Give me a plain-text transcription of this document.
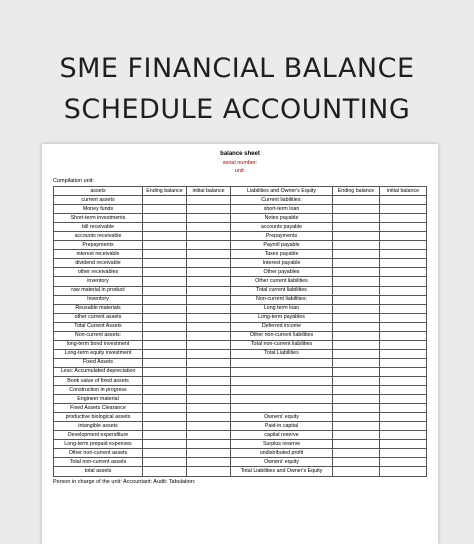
SME FINANCIAL BALANCE
SCHEDULE ACCOUNTING
balance sheet
serial number:
unit:
Compilation unit:
assets	Ending balance	initial balance	Liabilities and Owner's Equity	Ending balance	initial balance
current assets			Current liabilities:		
Money funds			short-term loan		
Short-term investments			Notes payable		
bill receivable			accounts payable		
accounts receivable			Prepayments		
Prepayments			Payroll payable		
interest receivable			Taxes payable		
dividend receivable			Interest payable		
other receivables			Other payables		
inventory			Other current liabilities		
raw material in product			Total current liabilities		
Inventory			Non-current liabilities:		
Reusable materials			Long term loan		
other current assets			Long-term payables		
Total Current Assets			Deferred income		
Non-current assets:			Other non-current liabilities		
long-term bond investment			Total non-current liabilities		
Long-term equity investment			Total Liabilities		
Fixed Assets					
Less: Accumulated depreciation					
Book value of fixed assets					
Construction in progress					
Engineer material					
Fixed Assets Clearance					
productive biological assets			Owners' equity		
intangible assets			Paid-in capital		
Development expenditure			capital reserve		
Long-term prepaid expenses			Surplus reserve		
Other non-current assets			undistributed profit		
Total non-current assets			Owners' equity		
total assets			Total Liabilities and Owner's Equity		
Person in charge of the unit: Accountant: Audit: Tabulation:
